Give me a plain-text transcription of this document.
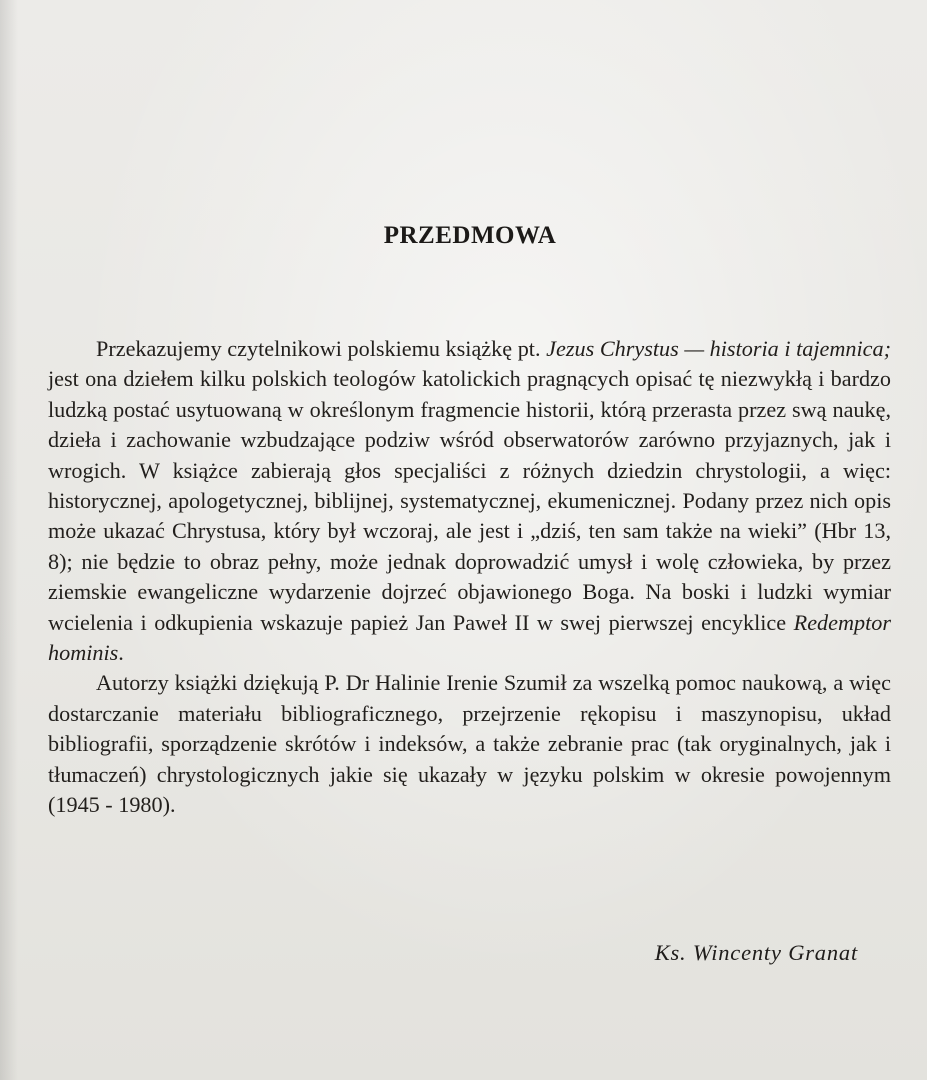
PRZEDMOWA

Przekazujemy czytelnikowi polskiemu książkę pt. Jezus Chrystus — historia i tajemnica; jest ona dziełem kilku polskich teologów katolickich pragnących opisać tę niezwykłą i bardzo ludzką postać usytuowaną w określonym fragmencie historii, którą przerasta przez swą naukę, dzieła i zachowanie wzbudzające podziw wśród obserwatorów zarówno przyjaznych, jak i wrogich. W książce zabierają głos specjaliści z różnych dziedzin chrystologii, a więc: historycznej, apologetycznej, biblijnej, systematycznej, ekumenicznej. Podany przez nich opis może ukazać Chrystusa, który był wczoraj, ale jest i „dziś, ten sam także na wieki” (Hbr 13, 8); nie będzie to obraz pełny, może jednak doprowadzić umysł i wolę człowieka, by przez ziemskie ewangeliczne wydarzenie dojrzeć objawionego Boga. Na boski i ludzki wymiar wcielenia i odkupienia wskazuje papież Jan Paweł II w swej pierwszej encyklice Redemptor hominis.

Autorzy książki dziękują P. Dr Halinie Irenie Szumił za wszelką pomoc naukową, a więc dostarczanie materiału bibliograficznego, przejrzenie rękopisu i maszynopisu, układ bibliografii, sporządzenie skrótów i indeksów, a także zebranie prac (tak oryginalnych, jak i tłumaczeń) chrystologicznych jakie się ukazały w języku polskim w okresie powojennym (1945 - 1980).

Ks. Wincenty Granat
